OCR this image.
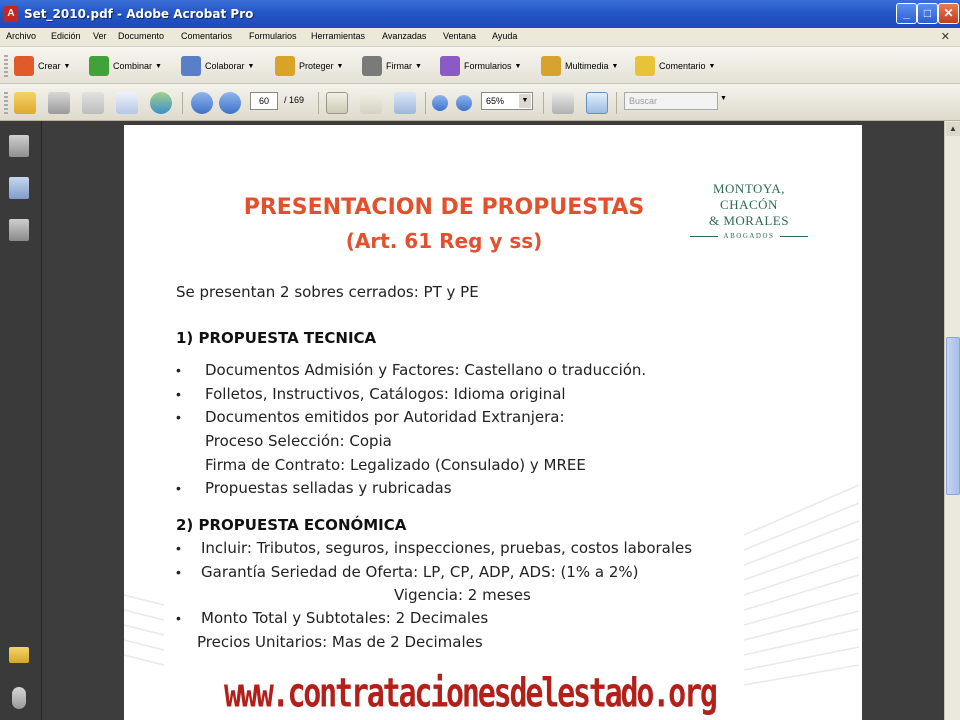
A Set_2010.pdf - Adobe Acrobat Pro	_	□	✕
Archivo Edición Ver Documento Comentarios Formularios Herramientas Avanzadas Ventana Ayuda	✕
Crear ▼	Combinar ▼	Colaborar ▼	Proteger ▼	Firmar ▼	Formularios ▼	Multimedia ▼	Comentario ▼
60	/ 169	65%	▼	Buscar	▼
▲
PRESENTACION DE PROPUESTAS
(Art. 61 Reg y ss)
MONTOYA, CHACÓN
& MORALES
ABOGADOS
Se presentan 2 sobres cerrados: PT y PE
1) PROPUESTA TECNICA
• Documentos Admisión y Factores: Castellano o traducción.
• Folletos, Instructivos, Catálogos: Idioma original
• Documentos emitidos por Autoridad Extranjera:
Proceso Selección: Copia
Firma de Contrato: Legalizado (Consulado) y MREE
• Propuestas selladas y rubricadas
2) PROPUESTA ECONÓMICA
• Incluir: Tributos, seguros, inspecciones, pruebas, costos laborales
• Garantía Seriedad de Oferta: LP, CP, ADP, ADS: (1% a 2%)
Vigencia: 2 meses
• Monto Total y Subtotales: 2 Decimales
Precios Unitarios: Mas de 2 Decimales
www.contratacionesdelestado.org
